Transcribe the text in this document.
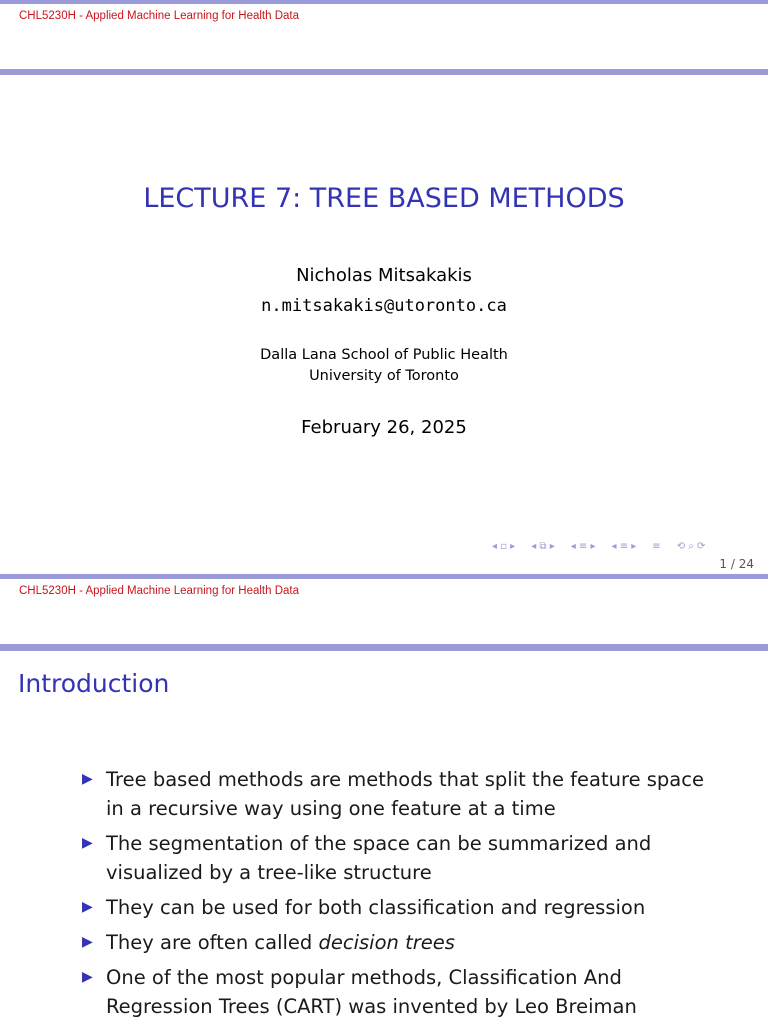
CHL5230H - Applied Machine Learning for Health Data
LECTURE 7: TREE BASED METHODS
Nicholas Mitsakakis
n.mitsakakis@utoronto.ca
Dalla Lana School of Public Health
University of Toronto
February 26, 2025
◂ ▫ ▸ ◂ ⧉ ▸ ◂ ≡ ▸ ◂ ≡ ▸ ≡ ⟲ ⌕ ⟳
1 / 24
CHL5230H - Applied Machine Learning for Health Data
Introduction
▶ Tree based methods are methods that split the feature space in a recursive way using one feature at a time
▶ The segmentation of the space can be summarized and visualized by a tree-like structure
▶ They can be used for both classification and regression
▶ They are often called decision trees
▶ One of the most popular methods, Classification And Regression Trees (CART) was invented by Leo Breiman
